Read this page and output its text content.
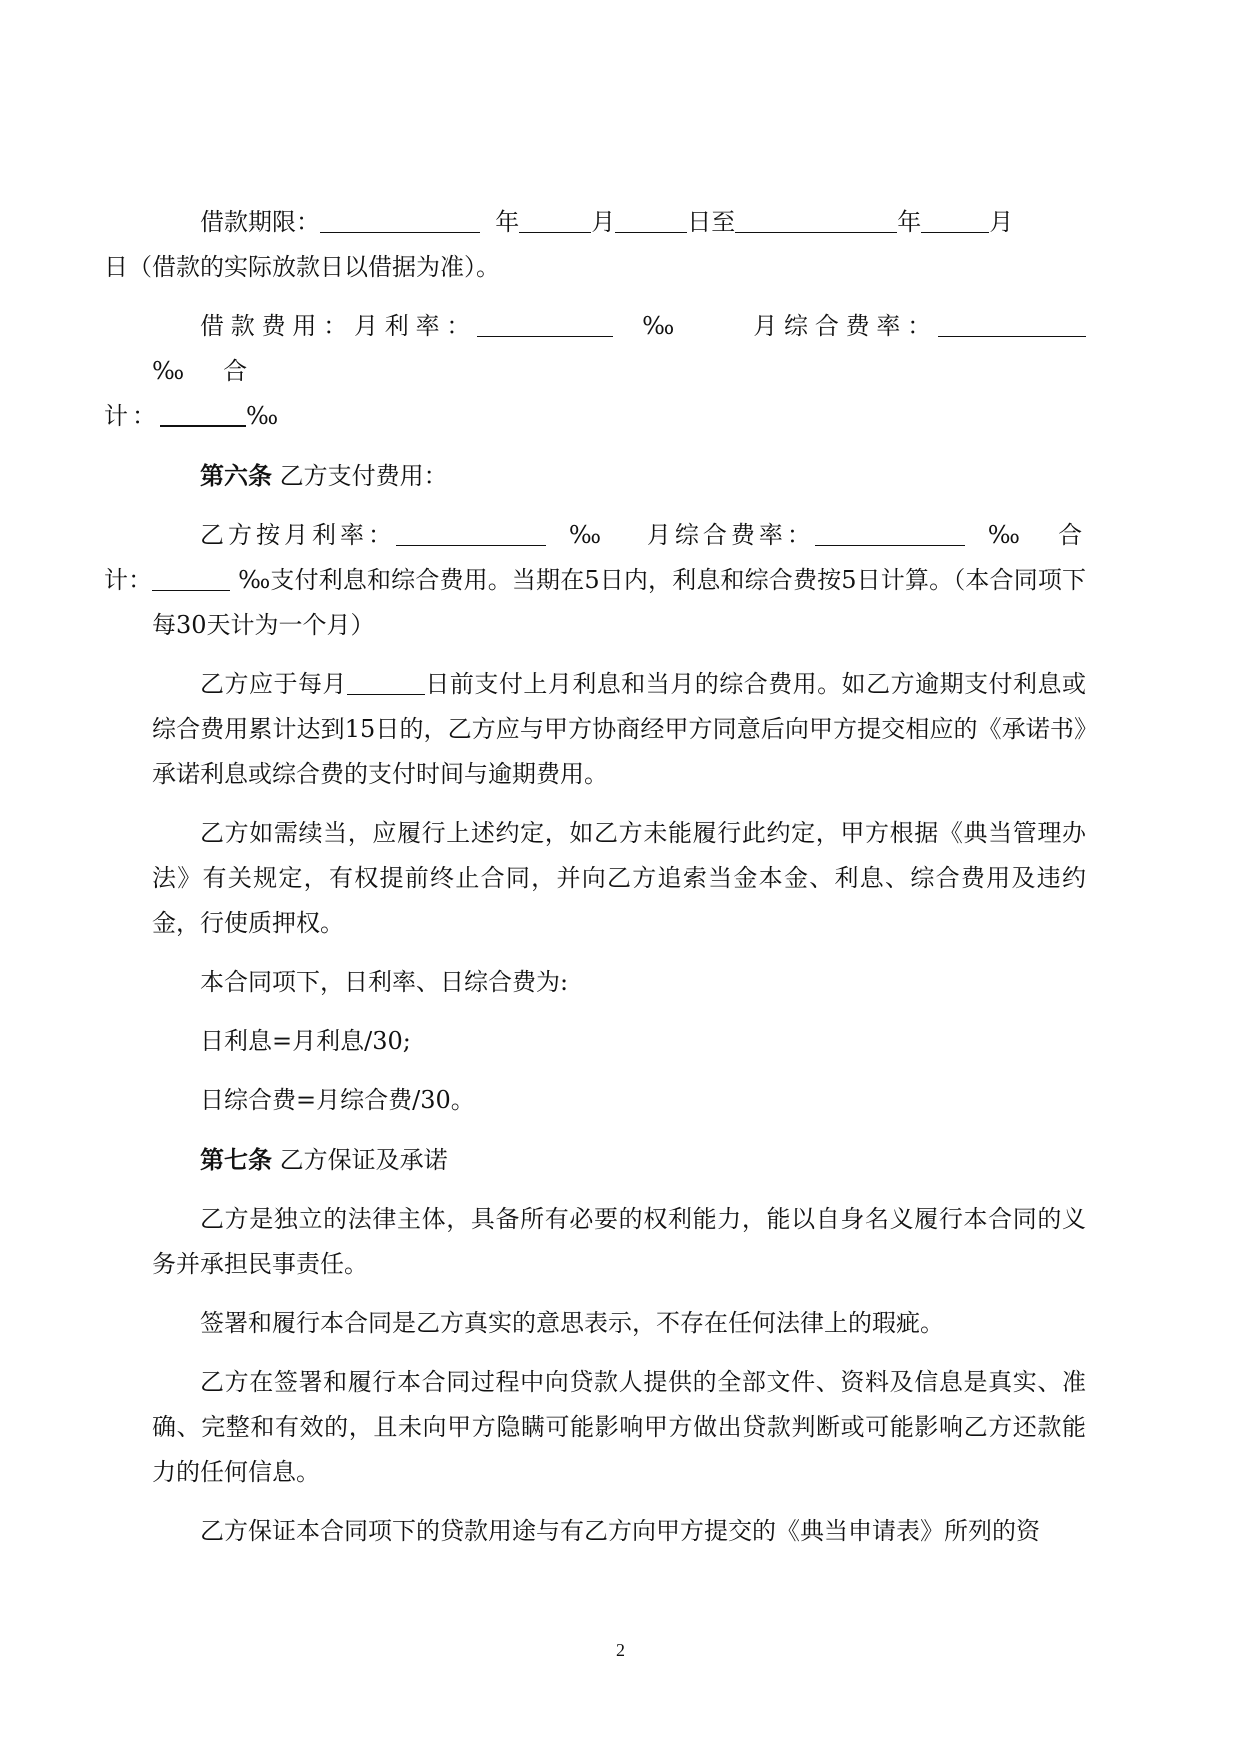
借款期限：	年	月	日至	年	月
日（借款的实际放款日以借据为准）。

借款费用：月利率：	‰	月综合费率：‰ 合
计：	‰

第六条 乙方支付费用：

乙方按月利率：	‰ 月综合费率：	‰ 合
计：	‰支付利息和综合费用。当期在5日内，利息和综合费按5日计算。（本合同项下每30天计为一个月）

乙方应于每月	日前支付上月利息和当月的综合费用。如乙方逾期支付利息或综合费用累计达到15日的，乙方应与甲方协商经甲方同意后向甲方提交相应的《承诺书》承诺利息或综合费的支付时间与逾期费用。

乙方如需续当，应履行上述约定，如乙方未能履行此约定，甲方根据《典当管理办法》有关规定，有权提前终止合同，并向乙方追索当金本金、利息、综合费用及违约金，行使质押权。

本合同项下，日利率、日综合费为:

日利息=月利息/30;

日综合费=月综合费/30。

第七条 乙方保证及承诺

乙方是独立的法律主体，具备所有必要的权利能力，能以自身名义履行本合同的义务并承担民事责任。

签署和履行本合同是乙方真实的意思表示，不存在任何法律上的瑕疵。

乙方在签署和履行本合同过程中向贷款人提供的全部文件、资料及信息是真实、准确、完整和有效的，且未向甲方隐瞒可能影响甲方做出贷款判断或可能影响乙方还款能力的任何信息。

乙方保证本合同项下的贷款用途与有乙方向甲方提交的《典当申请表》所列的资

2
